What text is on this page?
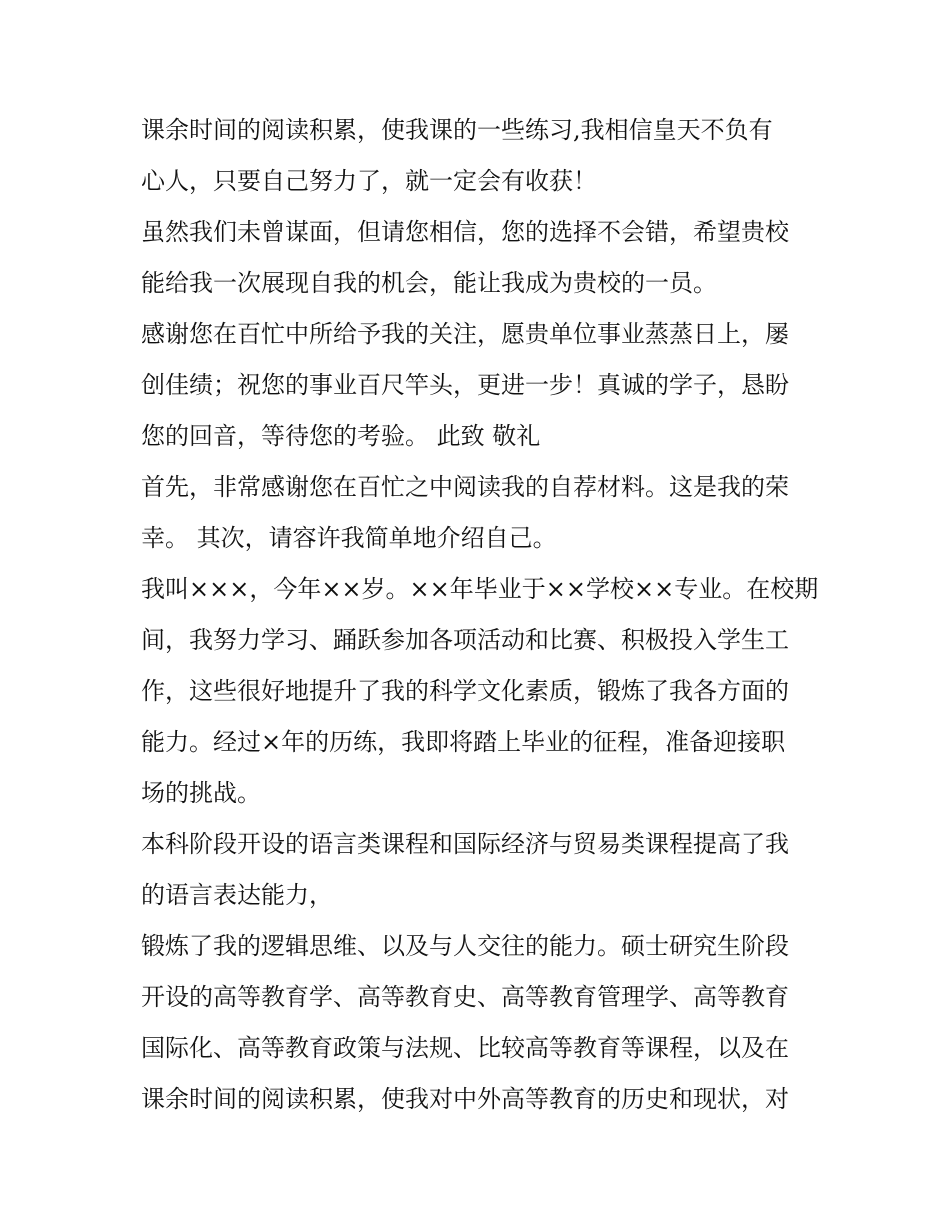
课余时间的阅读积累，使我课的一些练习,我相信皇天不负有
心人，只要自己努力了，就一定会有收获！
虽然我们未曾谋面，但请您相信，您的选择不会错，希望贵校
能给我一次展现自我的机会，能让我成为贵校的一员。
感谢您在百忙中所给予我的关注，愿贵单位事业蒸蒸日上，屡
创佳绩；祝您的事业百尺竿头，更进一步！真诚的学子，恳盼
您的回音，等待您的考验。 此致 敬礼
首先，非常感谢您在百忙之中阅读我的自荐材料。这是我的荣
幸。 其次，请容许我简单地介绍自己。
我叫×××，今年××岁。××年毕业于××学校××专业。在校期
间，我努力学习、踊跃参加各项活动和比赛、积极投入学生工
作，这些很好地提升了我的科学文化素质，锻炼了我各方面的
能力。经过×年的历练，我即将踏上毕业的征程，准备迎接职
场的挑战。
本科阶段开设的语言类课程和国际经济与贸易类课程提高了我
的语言表达能力，
锻炼了我的逻辑思维、以及与人交往的能力。硕士研究生阶段
开设的高等教育学、高等教育史、高等教育管理学、高等教育
国际化、高等教育政策与法规、比较高等教育等课程，以及在
课余时间的阅读积累，使我对中外高等教育的历史和现状，对
